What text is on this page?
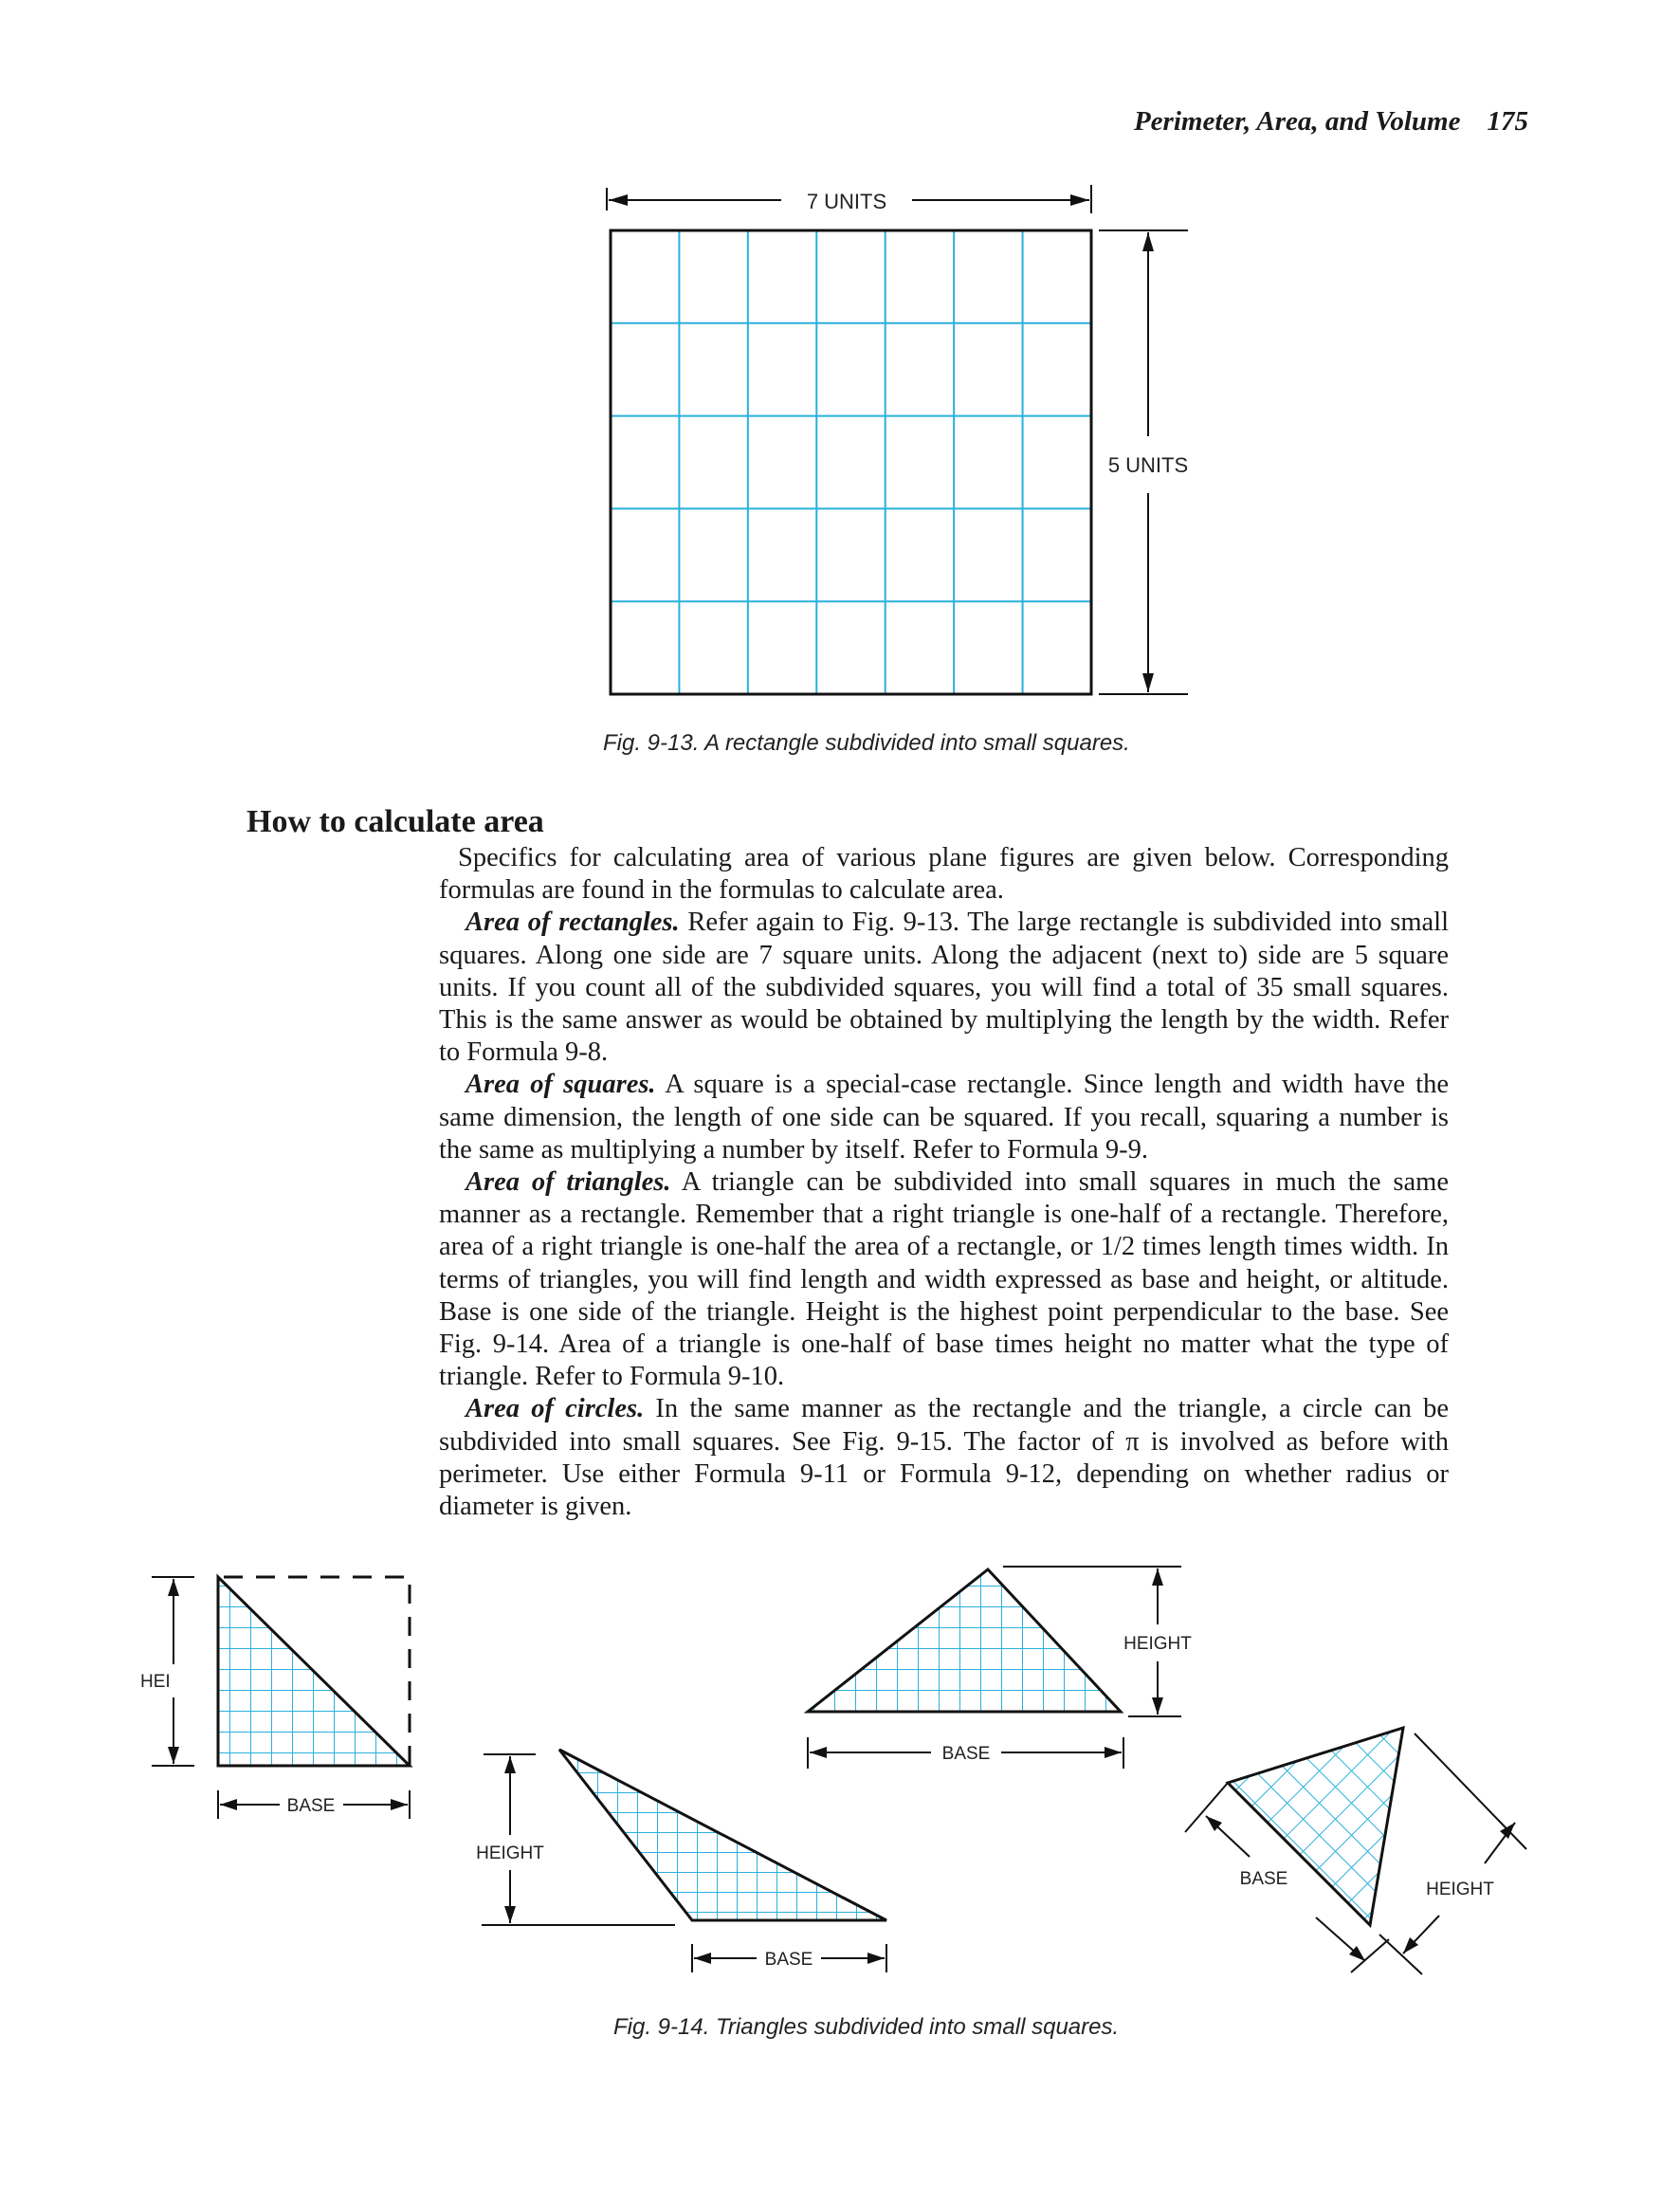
Perimeter, Area, and Volume 175
7 UNITS
5 UNITS
Fig. 9-13. A rectangle subdivided into small squares.
How to calculate area

Specifics for calculating area of various plane figures are given below. Corresponding formulas are found in the formulas to calculate area.

Area of rectangles. Refer again to Fig. 9-13. The large rectangle is subdivided into small squares. Along one side are 7 square units. Along the adjacent (next to) side are 5 square units. If you count all of the subdivided squares, you will find a total of 35 small squares. This is the same answer as would be obtained by multiplying the length by the width. Refer to Formula 9-8.

Area of squares. A square is a special-case rectangle. Since length and width have the same dimension, the length of one side can be squared. If you recall, squaring a number is the same as multiplying a number by itself. Refer to Formula 9-9.

Area of triangles. A triangle can be subdivided into small squares in much the same manner as a rectangle. Remember that a right triangle is one-half of a rectangle. Therefore, area of a right triangle is one-half the area of a rectangle, or 1/2 times length times width. In terms of triangles, you will find length and width expressed as base and height, or altitude. Base is one side of the triangle. Height is the highest point perpendicular to the base. See Fig. 9-14. Area of a triangle is one-half of base times height no matter what the type of triangle. Refer to Formula 9-10.

Area of circles. In the same manner as the rectangle and the triangle, a circle can be subdivided into small squares. See Fig. 9-15. The factor of π is involved as before with perimeter. Use either Formula 9-11 or Formula 9-12, depending on whether radius or diameter is given.

HEI
BASE
HEIGHT
BASE
HEIGHT
BASE
BASE
HEIGHT
Fig. 9-14. Triangles subdivided into small squares.
